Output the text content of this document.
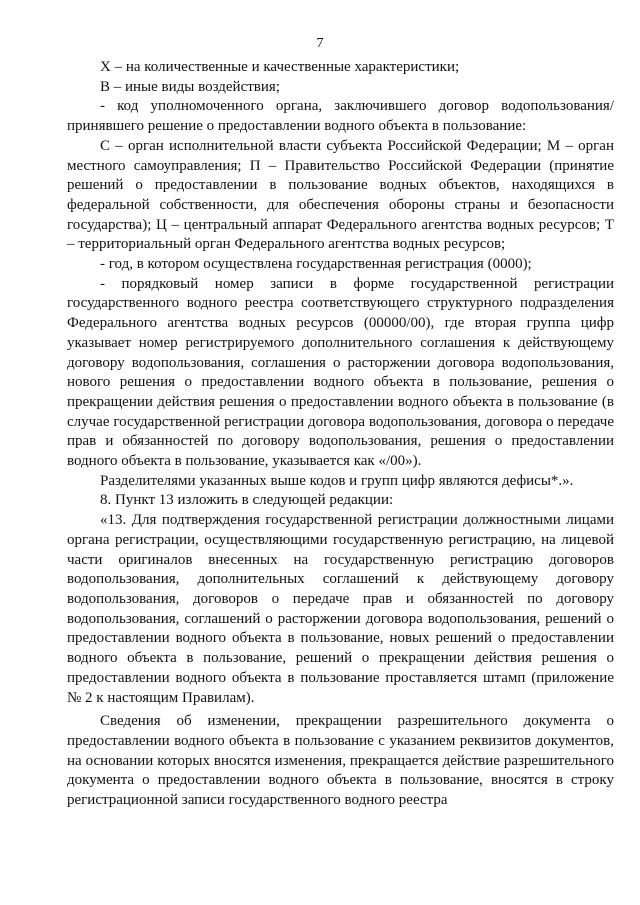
7

Х – на количественные и качественные характеристики;

В – иные виды воздействия;

- код уполномоченного органа, заключившего договор водопользования/принявшего решение о предоставлении водного объекта в пользование:

С – орган исполнительной власти субъекта Российской Федерации; М – орган местного самоуправления; П – Правительство Российской Федерации (принятие решений о предоставлении в пользование водных объектов, находящихся в федеральной собственности, для обеспечения обороны страны и безопасности государства); Ц – центральный аппарат Федерального агентства водных ресурсов; Т – территориальный орган Федерального агентства водных ресурсов;

- год, в котором осуществлена государственная регистрация (0000);

- порядковый номер записи в форме государственной регистрации государственного водного реестра соответствующего структурного подразделения Федерального агентства водных ресурсов (00000/00), где вторая группа цифр указывает номер регистрируемого дополнительного соглашения к действующему договору водопользования, соглашения о расторжении договора водопользования, нового решения о предоставлении водного объекта в пользование, решения о прекращении действия решения о предоставлении водного объекта в пользование (в случае государственной регистрации договора водопользования, договора о передаче прав и обязанностей по договору водопользования, решения о предоставлении водного объекта в пользование, указывается как «/00»).

Разделителями указанных выше кодов и групп цифр являются дефисы*.».

8. Пункт 13 изложить в следующей редакции:

«13. Для подтверждения государственной регистрации должностными лицами органа регистрации, осуществляющими государственную регистрацию, на лицевой части оригиналов внесенных на государственную регистрацию договоров водопользования, дополнительных соглашений к действующему договору водопользования, договоров о передаче прав и обязанностей по договору водопользования, соглашений о расторжении договора водопользования, решений о предоставлении водного объекта в пользование, новых решений о предоставлении водного объекта в пользование, решений о прекращении действия решения о предоставлении водного объекта в пользование проставляется штамп (приложение № 2 к настоящим Правилам).

Сведения об изменении, прекращении разрешительного документа о предоставлении водного объекта в пользование с указанием реквизитов документов, на основании которых вносятся изменения, прекращается действие разрешительного документа о предоставлении водного объекта в пользование, вносятся в строку регистрационной записи государственного водного реестра
